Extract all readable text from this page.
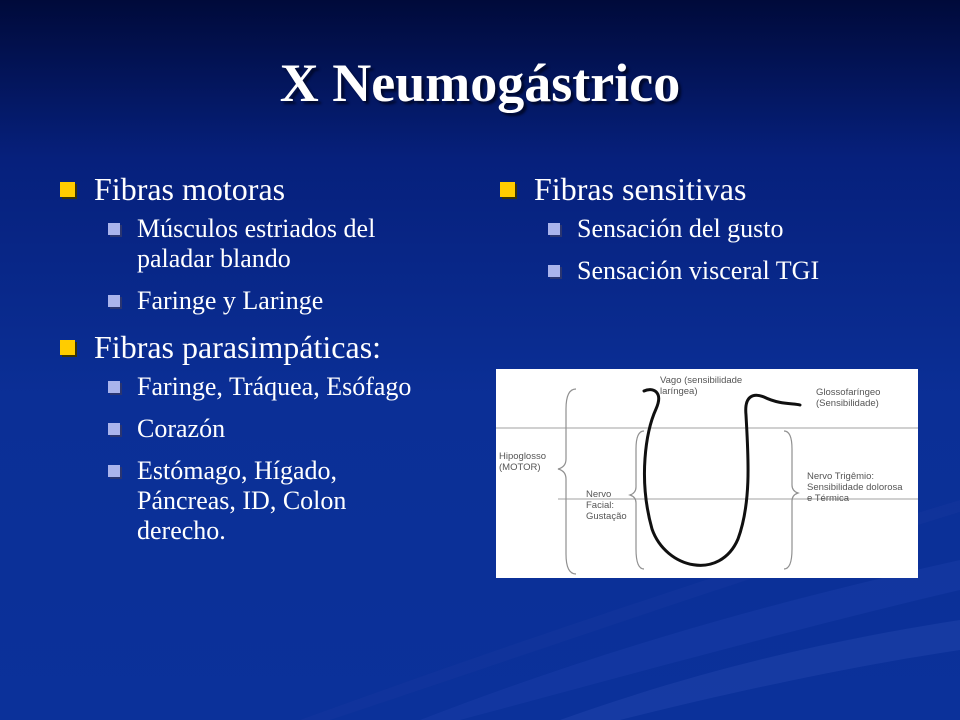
X Neumogástrico
Fibras motoras
Músculos estriados del paladar blando
Faringe y Laringe
Fibras parasimpáticas:
Faringe, Tráquea, Esófago
Corazón
Estómago, Hígado, Páncreas, ID, Colon derecho.
Fibras sensitivas
Sensación del gusto
Sensación visceral TGI
Vago (sensibilidade
laríngea)	Glossofaríngeo
(Sensibilidade)
Hipoglosso
(MOTOR)
Nervo Trigêmio:
Sensibilidade dolorosa
e Térmica
Nervo
Facial:
Gustação
